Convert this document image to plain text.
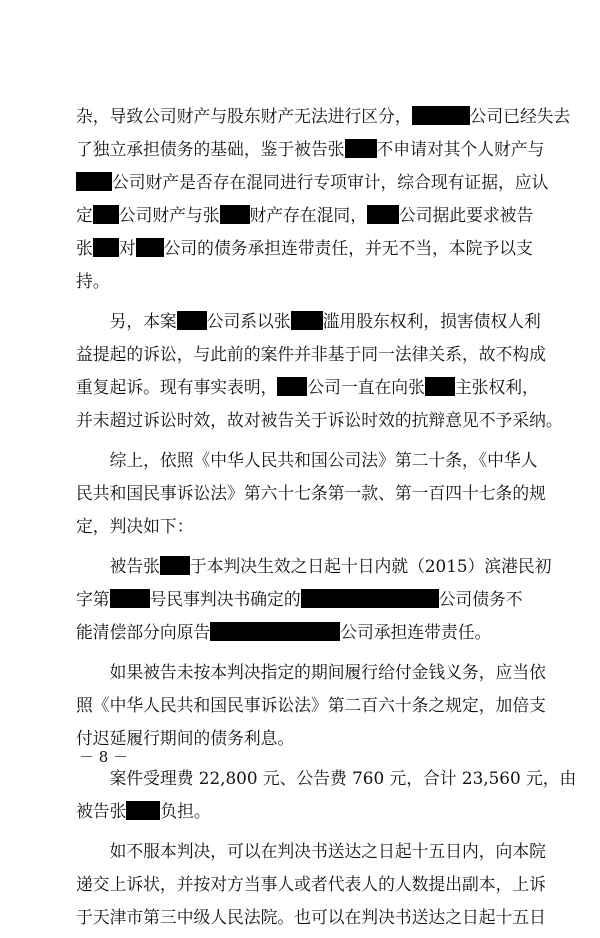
杂，导致公司财产与股东财产无法进行区分，	公司已经失去
了独立承担债务的基础，鉴于被告张 不申请对其个人财产与
公司财产是否存在混同进行专项审计，综合现有证据，应认
定 公司财产与张 财产存在混同， 公司据此要求被告
张 对 公司的债务承担连带责任，并无不当，本院予以支
持。
　　另，本案 公司系以张 滥用股东权利，损害债权人利
益提起的诉讼，与此前的案件并非基于同一法律关系，故不构成
重复起诉。现有事实表明， 公司一直在向张 主张权利，
并未超过诉讼时效，故对被告关于诉讼时效的抗辩意见不予采纳。
　　综上，依照《中华人民共和国公司法》第二十条，《中华人
民共和国民事诉讼法》第六十七条第一款、第一百四十七条的规
定，判决如下：
　　被告张 于本判决生效之日起十日内就（2015）滨港民初
字第 号民事判决书确定的	公司债务不
能清偿部分向原告	公司承担连带责任。
　　如果被告未按本判决指定的期间履行给付金钱义务，应当依
照《中华人民共和国民事诉讼法》第二百六十条之规定，加倍支
付迟延履行期间的债务利息。
　　案件受理费 22,800 元、公告费 760 元，合计 23,560 元，由
被告张 负担。
　　如不服本判决，可以在判决书送达之日起十五日内，向本院
递交上诉状，并按对方当事人或者代表人的人数提出副本，上诉
于天津市第三中级人民法院。也可以在判决书送达之日起十五日
－ 8 －
